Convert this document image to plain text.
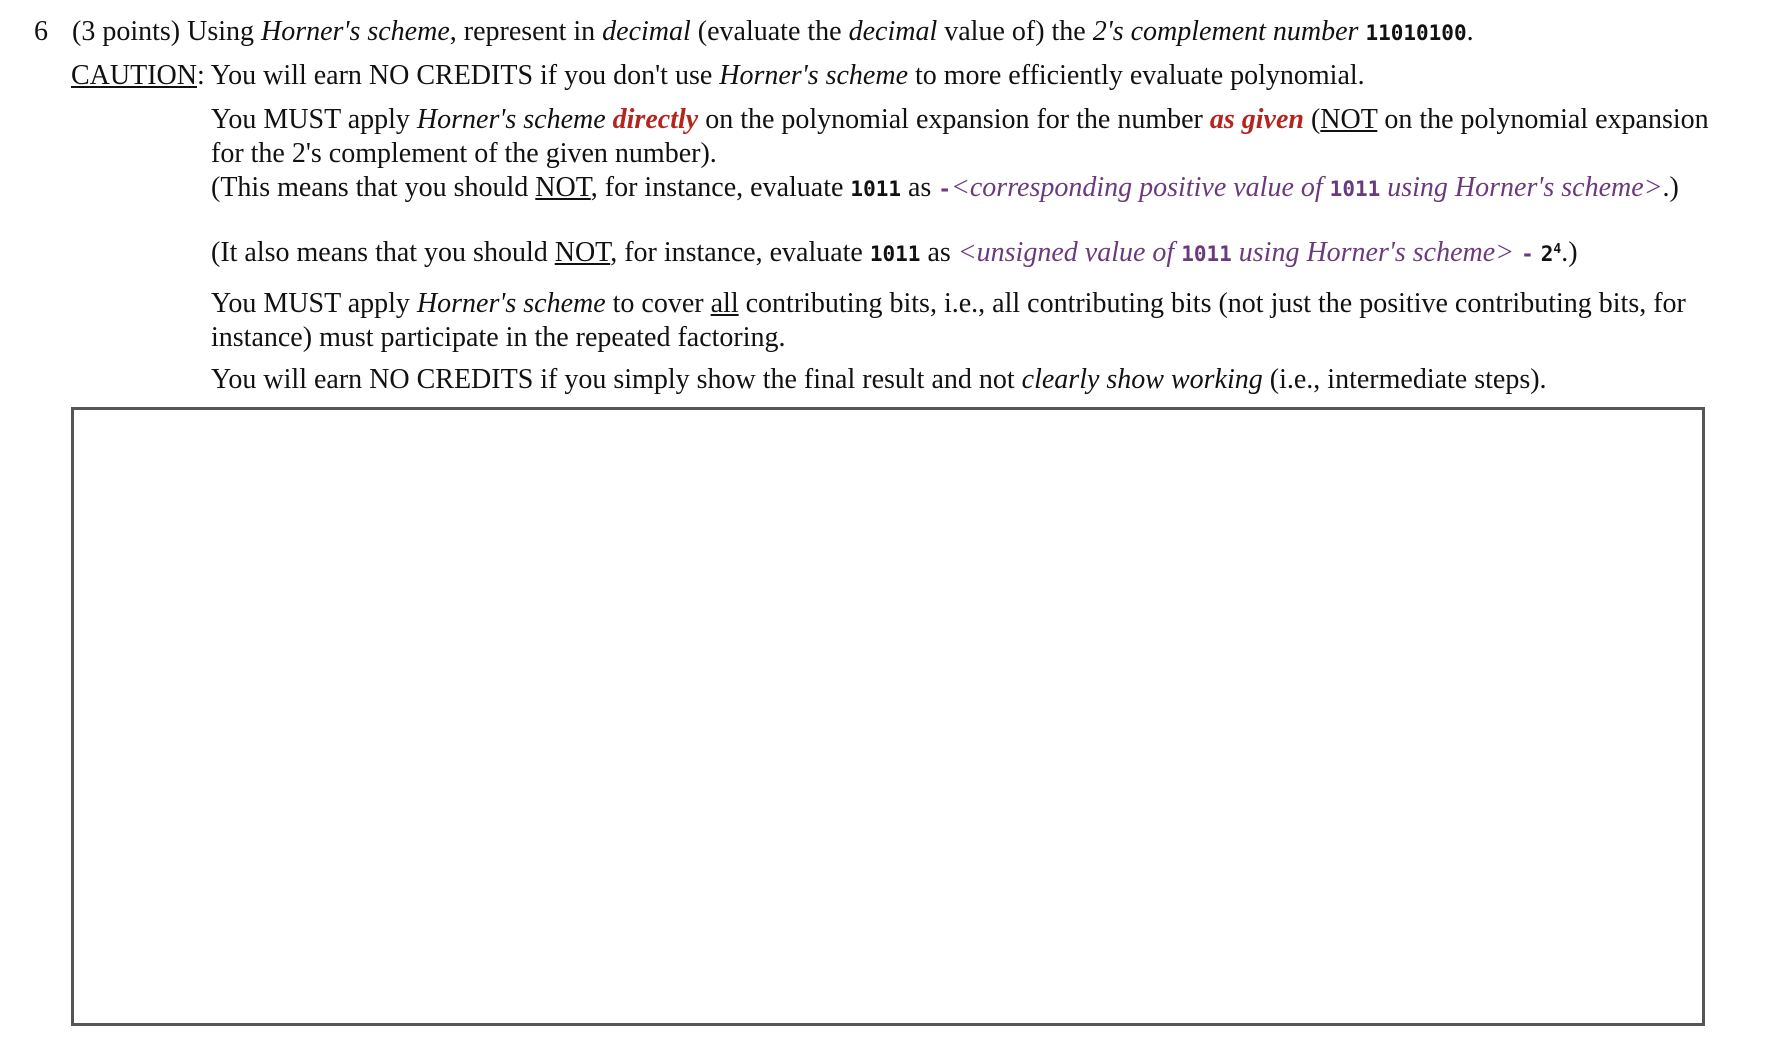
6 (3 points) Using Horner's scheme, represent in decimal (evaluate the decimal value of) the 2's complement number 11010100.
CAUTION: You will earn NO CREDITS if you don't use Horner's scheme to more efficiently evaluate polynomial.
You MUST apply Horner's scheme directly on the polynomial expansion for the number as given (NOT on the polynomial expansion for the 2's complement of the given number).
(This means that you should NOT, for instance, evaluate 1011 as -<corresponding positive value of 1011 using Horner's scheme>.)
(It also means that you should NOT, for instance, evaluate 1011 as <unsigned value of 1011 using Horner's scheme> - $2^4$.)
You MUST apply Horner's scheme to cover all contributing bits, i.e., all contributing bits (not just the positive contributing bits, for instance) must participate in the repeated factoring.
You will earn NO CREDITS if you simply show the final result and not clearly show working (i.e., intermediate steps).
